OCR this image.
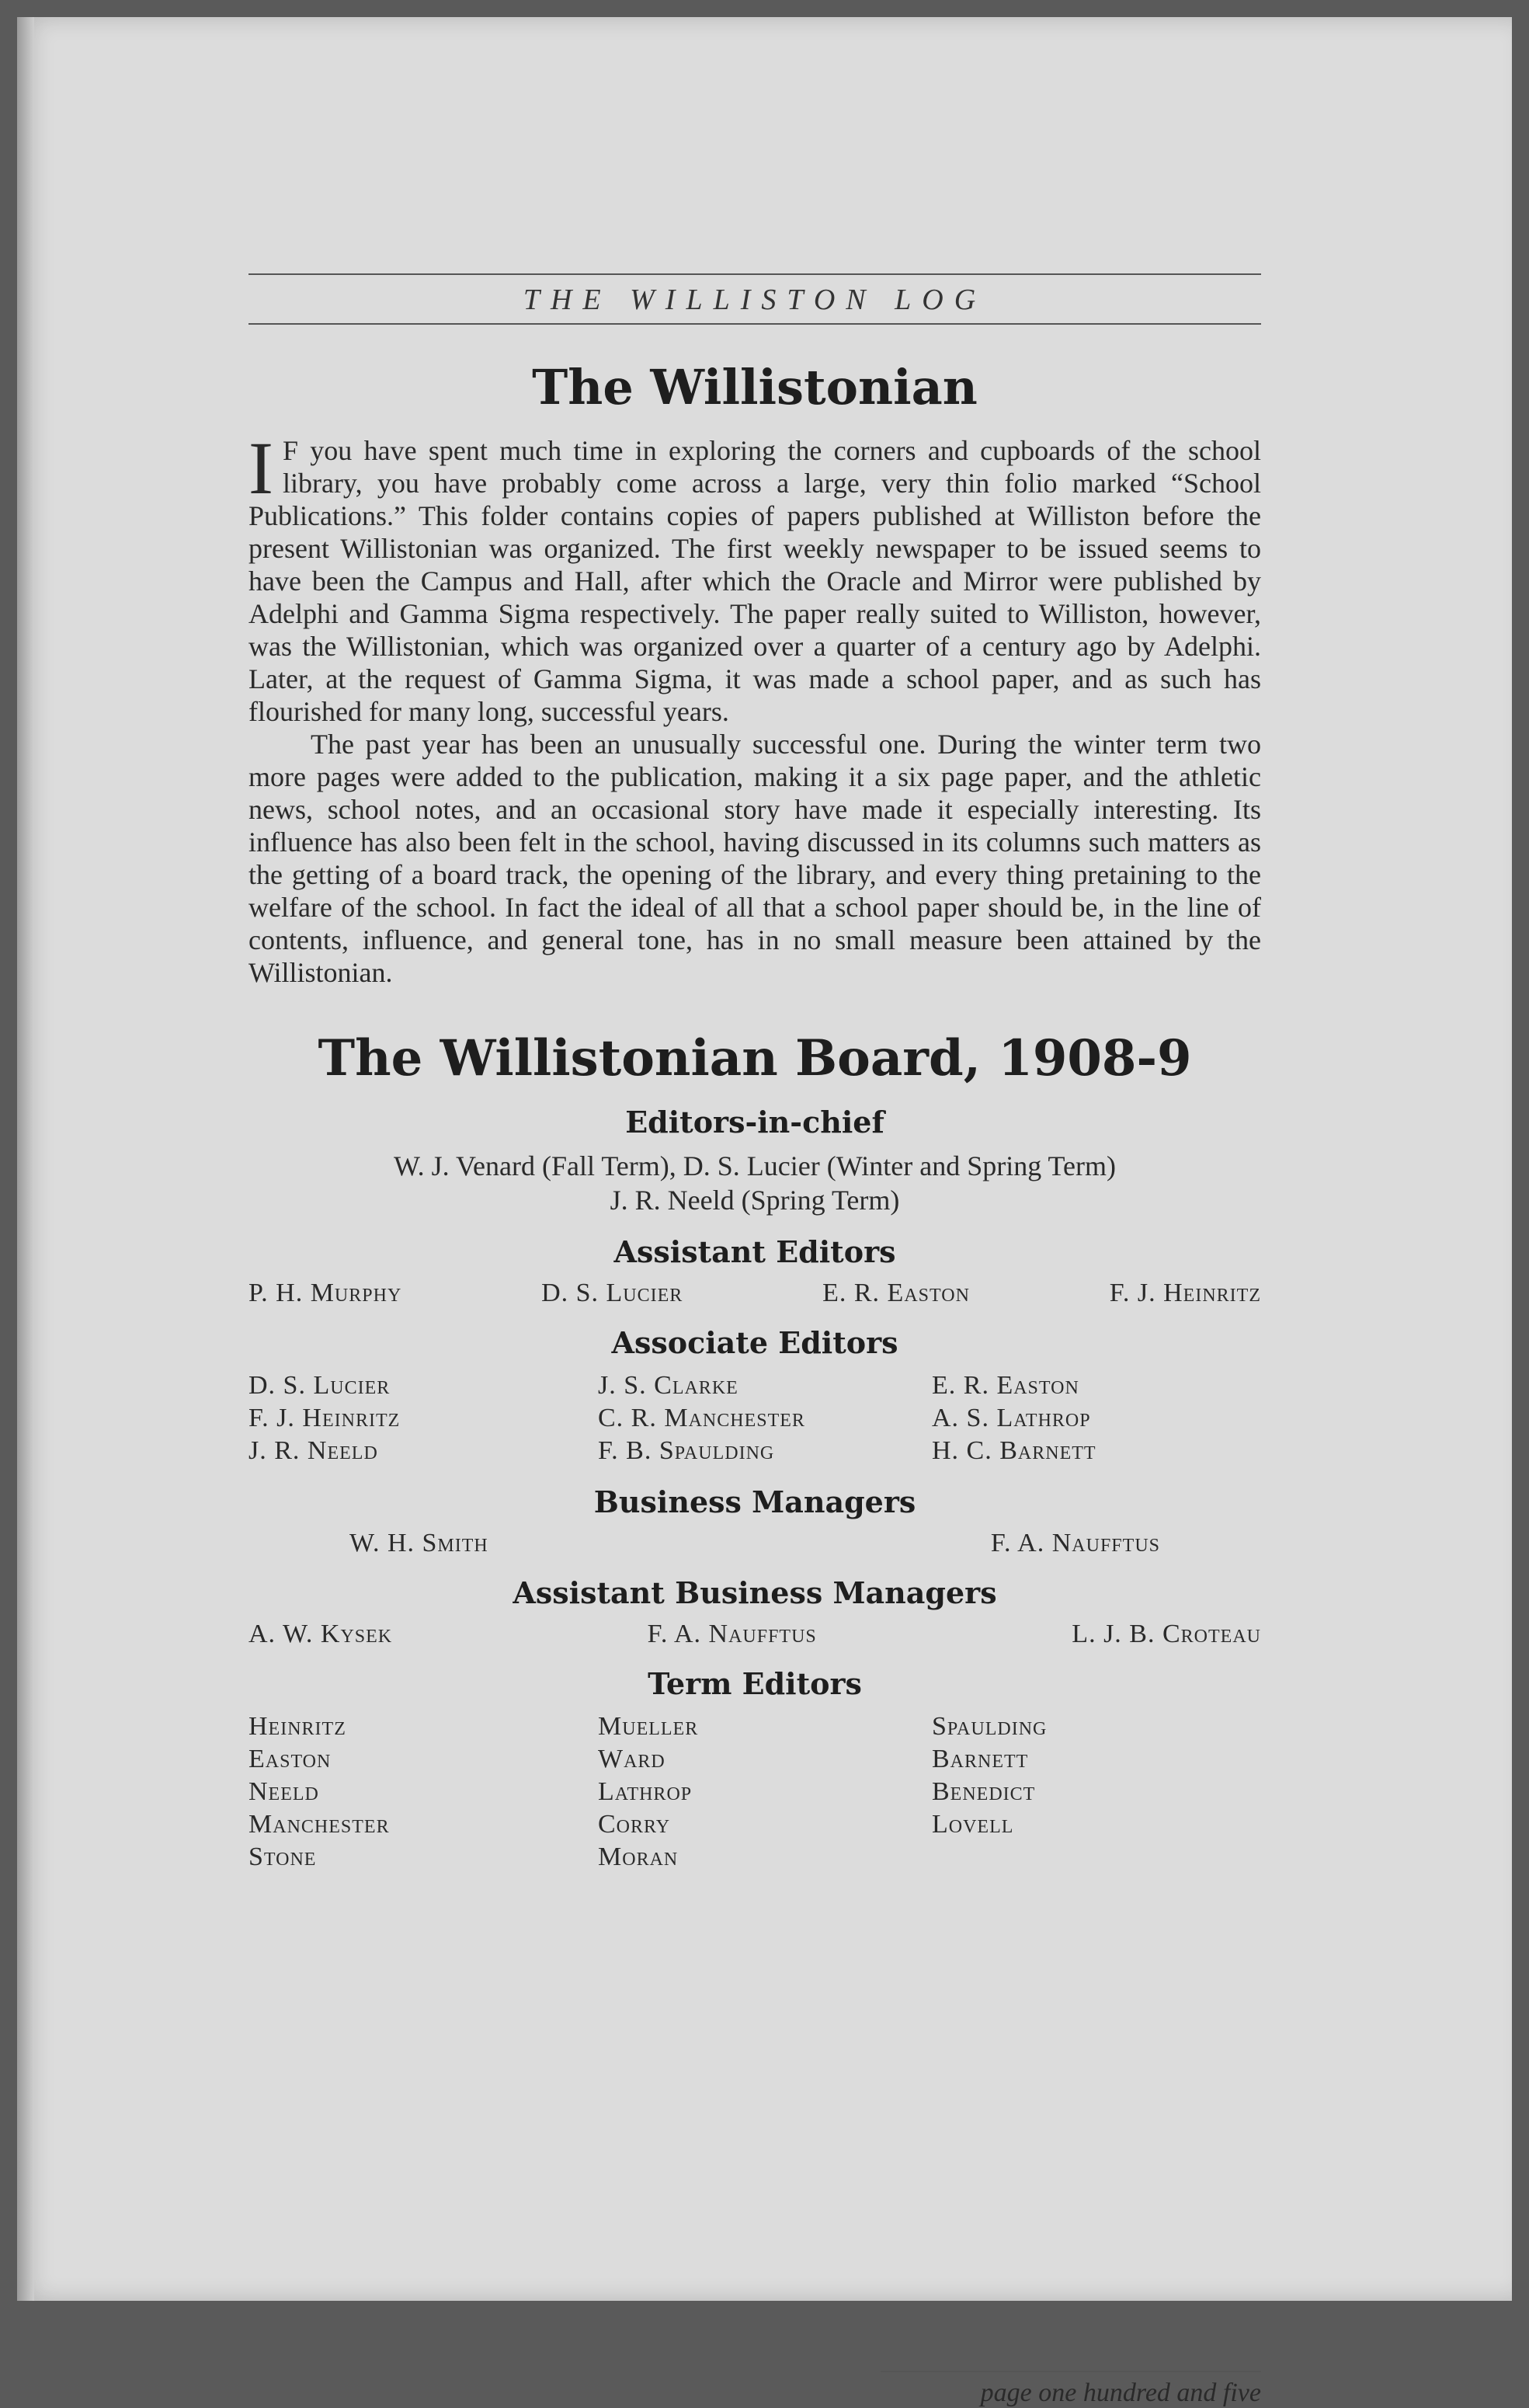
THE WILLISTON LOG
The Willistonian

I F you have spent much time in exploring the corners and cupboards of the school library, you have probably come across a large, very thin folio marked “School Publications.” This folder contains copies of papers published at Williston before the present Willistonian was organized. The first weekly newspaper to be issued seems to have been the Campus and Hall, after which the Oracle and Mirror were published by Adelphi and Gamma Sigma respectively. The paper really suited to Williston, however, was the Willistonian, which was organized over a quarter of a century ago by Adelphi. Later, at the request of Gamma Sigma, it was made a school paper, and as such has flourished for many long, successful years.

The past year has been an unusually successful one. During the winter term two more pages were added to the publication, making it a six page paper, and the athletic news, school notes, and an occasional story have made it especially interesting. Its influence has also been felt in the school, having discussed in its columns such matters as the getting of a board track, the opening of the library, and every thing pretaining to the welfare of the school. In fact the ideal of all that a school paper should be, in the line of contents, influence, and general tone, has in no small measure been attained by the Willistonian.

The Willistonian Board, 1908-9
Editors-in-chief
W. J. Venard (Fall Term), D. S. Lucier (Winter and Spring Term)
J. R. Neeld (Spring Term)
Assistant Editors
P. H. Murphy	D. S. Lucier	E. R. Easton	F. J. Heinritz
Associate Editors
D. S. Lucier	J. S. Clarke	E. R. Easton
F. J. Heinritz	C. R. Manchester	A. S. Lathrop
J. R. Neeld	F. B. Spaulding	H. C. Barnett
Business Managers
W. H. Smith	F. A. Naufftus
Assistant Business Managers
A. W. Kysek	F. A. Naufftus	L. J. B. Croteau
Term Editors
Heinritz	Mueller	Spaulding
Easton	Ward	Barnett
Neeld	Lathrop	Benedict
Manchester	Corry	Lovell
Stone	Moran
page one hundred and five
